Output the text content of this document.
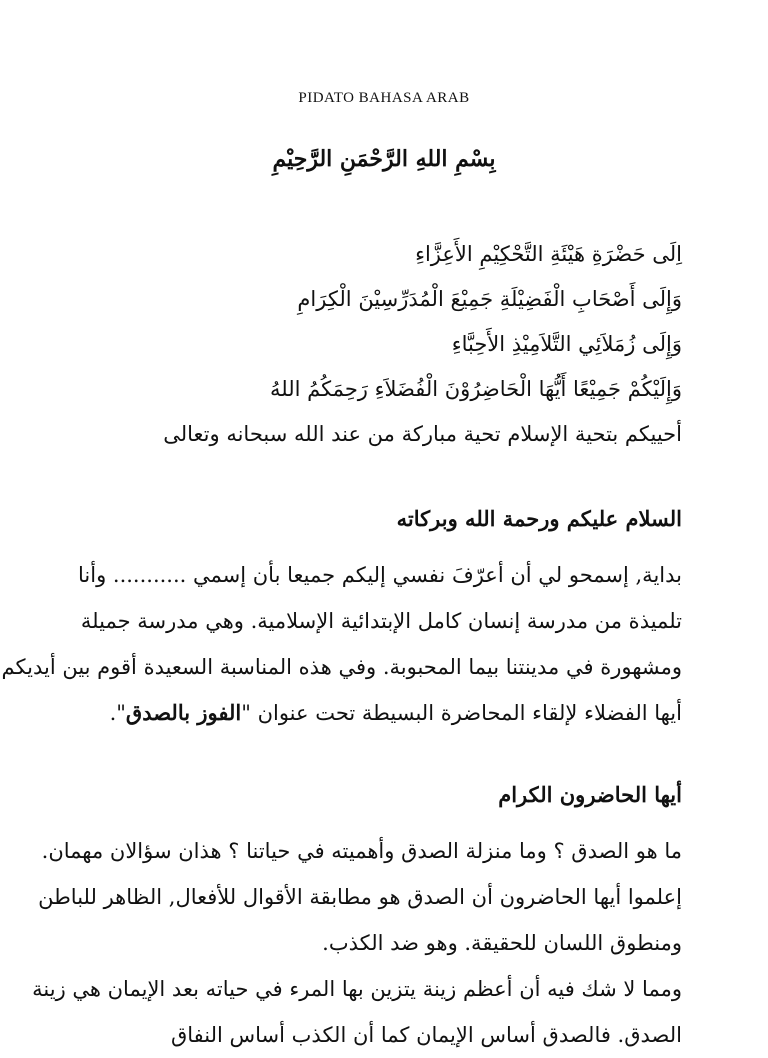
PIDATO BAHASA ARAB
بِسْمِ اللهِ الرَّحْمَنِ الرَّحِيْمِ
اِلَى حَضْرَةِ هَيْئَةِ التَّحْكِيْمِ الأَعِزَّاءِ
وَإِلَى أَصْحَابِ الْفَضِيْلَةِ جَمِيْعَ الْمُدَرِّسِيْنَ الْكِرَامِ
وَإِلَى زُمَلاَئِي التَّلاَمِيْذِ الأَحِبَّاءِ
وَإِلَيْكُمْ جَمِيْعًا أَيُّهَا الْحَاضِرُوْنَ الْفُضَلاَءِ رَحِمَكُمُ اللهُ
أحييكم بتحية الإسلام تحية مباركة من عند الله سبحانه وتعالى
السلام عليكم ورحمة الله وبركاته
بداية, إسمحو لي أن أعرّفَ نفسي إليكم جميعا بأن إسمي ........... وأنا
تلميذة من مدرسة إنسان كامل الإبتدائية الإسلامية. وهي مدرسة جميلة
ومشهورة في مدينتنا بيما المحبوبة. وفي هذه المناسبة السعيدة أقوم بين أيديكم
أيها الفضلاء لإلقاء المحاضرة البسيطة تحت عنوان "الفوز بالصدق".
أيها الحاضرون الكرام
ما هو الصدق ؟ وما منزلة الصدق وأهميته في حياتنا ؟ هذان سؤالان مهمان.
إعلموا أيها الحاضرون أن الصدق هو مطابقة الأقوال للأفعال, الظاهر للباطن
ومنطوق اللسان للحقيقة. وهو ضد الكذب.
ومما لا شك فيه أن أعظم زينة يتزين بها المرء في حياته بعد الإيمان هي زينة
الصدق. فالصدق أساس الإيمان كما أن الكذب أساس النفاق
